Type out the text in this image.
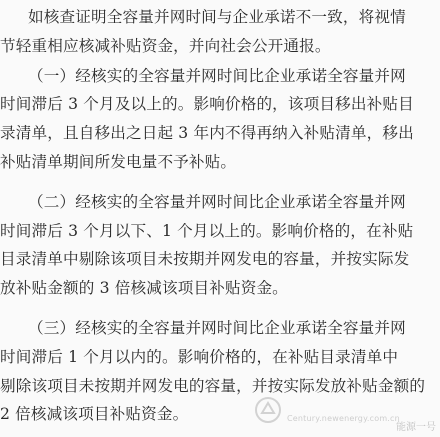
如核查证明全容量并网时间与企业承诺不一致，将视情
节轻重相应核减补贴资金，并向社会公开通报。
（一）经核实的全容量并网时间比企业承诺全容量并网
时间滞后 3 个月及以上的。影响价格的，该项目移出补贴目
录清单，且自移出之日起 3 年内不得再纳入补贴清单，移出
补贴清单期间所发电量不予补贴。
（二）经核实的全容量并网时间比企业承诺全容量并网
时间滞后 3 个月以下、1 个月以上的。影响价格的，在补贴
目录清单中剔除该项目未按期并网发电的容量，并按实际发
放补贴金额的 3 倍核减该项目补贴资金。
（三）经核实的全容量并网时间比企业承诺全容量并网
时间滞后 1 个月以内的。影响价格的，在补贴目录清单中
剔除该项目未按期并网发电的容量，并按实际发放补贴金额的
2 倍核减该项目补贴资金。	Century.newenergy.com.cn
能源一号
